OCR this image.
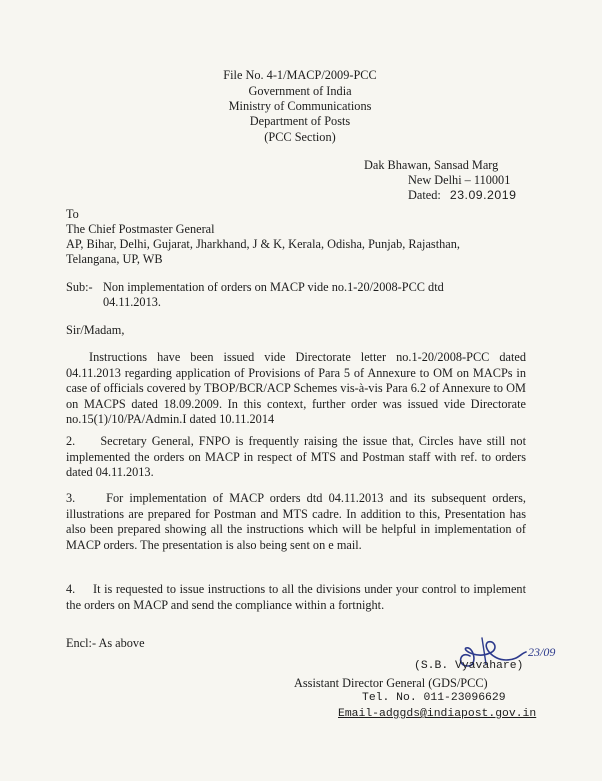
File No. 4-1/MACP/2009-PCC
Government of India
Ministry of Communications
Department of Posts
(PCC Section)
Dak Bhawan, Sansad Marg
New Delhi – 110001
Dated: 23.09.2019
To
The Chief Postmaster General
AP, Bihar, Delhi, Gujarat, Jharkhand, J & K, Kerala, Odisha, Punjab, Rajasthan,
Telangana, UP, WB
Sub:- Non implementation of orders on MACP vide no.1-20/2008-PCC dtd
04.11.2013.
Sir/Madam,
Instructions have been issued vide Directorate letter no.1-20/2008-PCC dated 04.11.2013 regarding application of Provisions of Para 5 of Annexure to OM on MACPs in case of officials covered by TBOP/BCR/ACP Schemes vis-à-vis Para 6.2 of Annexure to OM on MACPS dated 18.09.2009. In this context, further order was issued vide Directorate no.15(1)/10/PA/Admin.I dated 10.11.2014
2. Secretary General, FNPO is frequently raising the issue that, Circles have still not implemented the orders on MACP in respect of MTS and Postman staff with ref. to orders dated 04.11.2013.
3.	For implementation of MACP orders dtd 04.11.2013 and its subsequent orders, illustrations are prepared for Postman and MTS cadre. In addition to this, Presentation has also been prepared showing all the instructions which will be helpful in implementation of MACP orders. The presentation is also being sent on e mail.
4. It is requested to issue instructions to all the divisions under your control to implement the orders on MACP and send the compliance within a fortnight.
Encl:- As above
23/09
(S.B. Vyavahare)
Assistant Director General (GDS/PCC)
Tel. No. 011-23096629
Email-adggds@indiapost.gov.in
